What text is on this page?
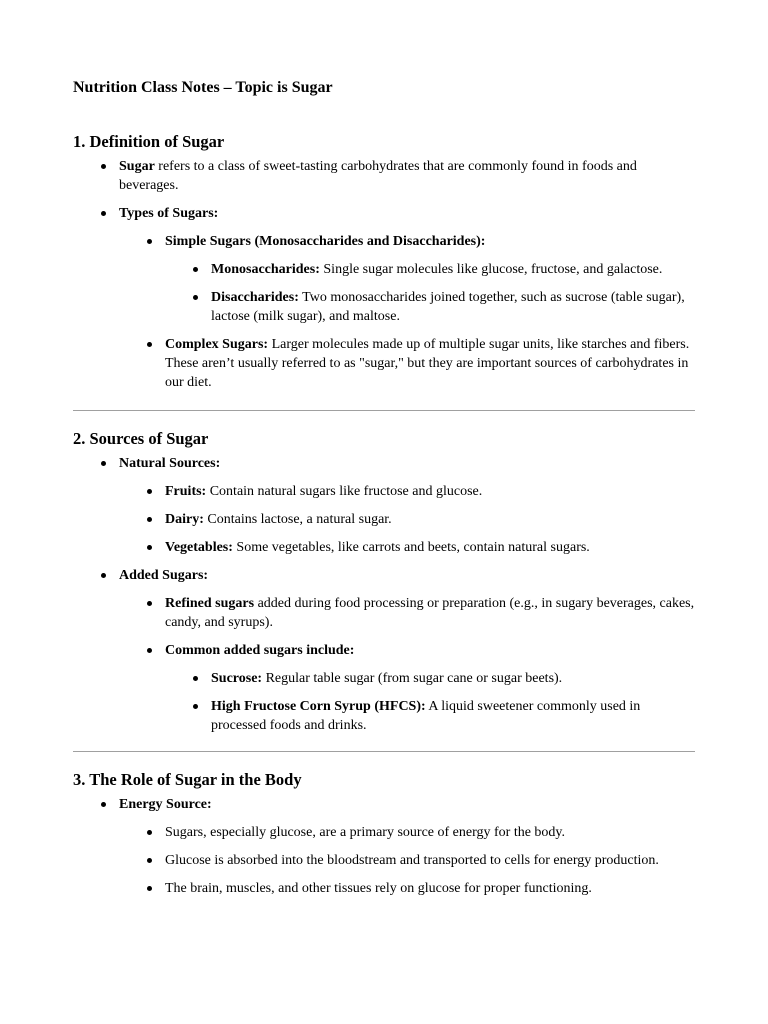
Nutrition Class Notes – Topic is Sugar

1. Definition of Sugar
Sugar refers to a class of sweet-tasting carbohydrates that are commonly found in foods and beverages.
Types of Sugars:
Simple Sugars (Monosaccharides and Disaccharides):
Monosaccharides: Single sugar molecules like glucose, fructose, and galactose.
Disaccharides: Two monosaccharides joined together, such as sucrose (table sugar), lactose (milk sugar), and maltose.
Complex Sugars: Larger molecules made up of multiple sugar units, like starches and fibers. These aren’t usually referred to as "sugar," but they are important sources of carbohydrates in our diet.
2. Sources of Sugar
Natural Sources:
Fruits: Contain natural sugars like fructose and glucose.
Dairy: Contains lactose, a natural sugar.
Vegetables: Some vegetables, like carrots and beets, contain natural sugars.
Added Sugars:
Refined sugars added during food processing or preparation (e.g., in sugary beverages, cakes, candy, and syrups).
Common added sugars include:
Sucrose: Regular table sugar (from sugar cane or sugar beets).
High Fructose Corn Syrup (HFCS): A liquid sweetener commonly used in processed foods and drinks.
3. The Role of Sugar in the Body
Energy Source:
Sugars, especially glucose, are a primary source of energy for the body.
Glucose is absorbed into the bloodstream and transported to cells for energy production.
The brain, muscles, and other tissues rely on glucose for proper functioning.
